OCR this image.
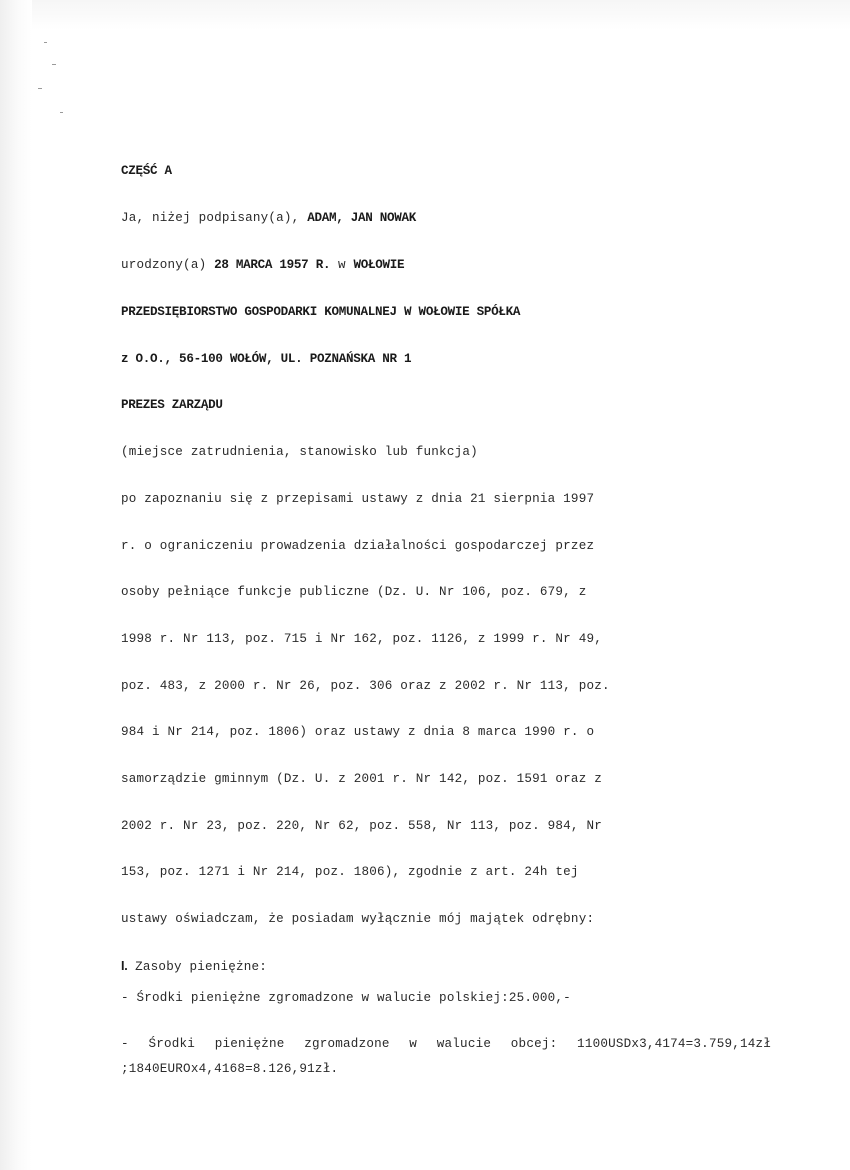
CZĘŚĆ A
Ja, niżej podpisany(a), ADAM, JAN NOWAK
urodzony(a) 28 MARCA 1957 R. w WOŁOWIE
PRZEDSIĘBIORSTWO GOSPODARKI KOMUNALNEJ W WOŁOWIE SPÓŁKA
z O.O., 56-100 WOŁÓW, UL. POZNAŃSKA NR 1
PREZES ZARZĄDU
(miejsce zatrudnienia, stanowisko lub funkcja)
po zapoznaniu się z przepisami ustawy z dnia 21 sierpnia 1997
r. o ograniczeniu prowadzenia działalności gospodarczej przez
osoby pełniące funkcje publiczne (Dz. U. Nr 106, poz. 679, z
1998 r. Nr 113, poz. 715 i Nr 162, poz. 1126, z 1999 r. Nr 49,
poz. 483, z 2000 r. Nr 26, poz. 306 oraz z 2002 r. Nr 113, poz.
984 i Nr 214, poz. 1806) oraz ustawy z dnia 8 marca 1990 r. o
samorządzie gminnym (Dz. U. z 2001 r. Nr 142, poz. 1591 oraz z
2002 r. Nr 23, poz. 220, Nr 62, poz. 558, Nr 113, poz. 984, Nr
153, poz. 1271 i Nr 214, poz. 1806), zgodnie z art. 24h tej
ustawy oświadczam, że posiadam wyłącznie mój majątek odrębny:
I. Zasoby pieniężne:
- Środki pieniężne zgromadzone w walucie polskiej:25.000,-
- Środki pieniężne zgromadzone w walucie obcej: 1100USDx3,4174=3.759,14zł
;1840EUROx4,4168=8.126,91zł.
